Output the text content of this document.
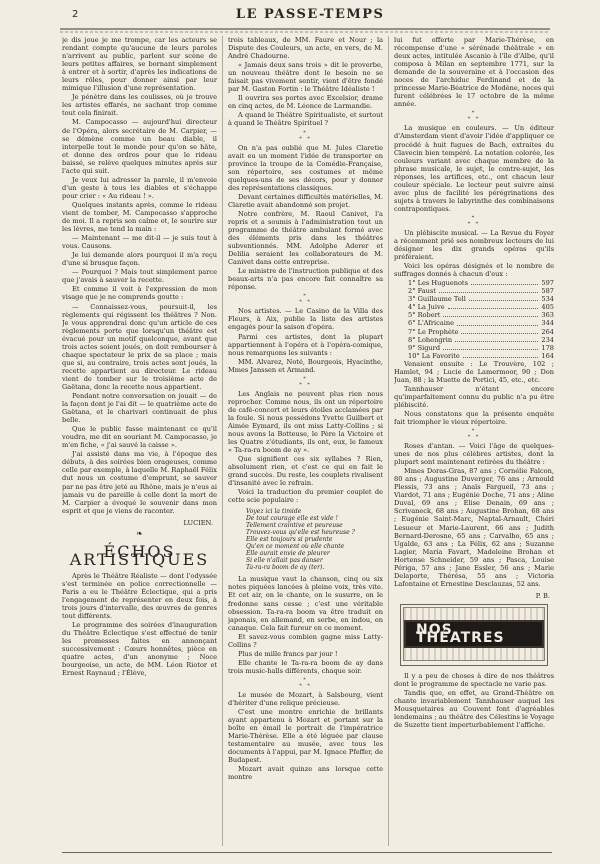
2	LE PASSE-TEMPS

je dis joue je me trompe, car les acteurs se rendant compte qu'aucune de leurs paroles n'arrivent au public, parlent sur scène de leurs petites affaires, se bornant simplement à entrer et à sortir, d'après les indications de leurs rôles, pour donner ainsi par leur mimique l'illusion d'une représentation.

Je pénètre dans les coulisses, où je trouve les artistes effarés, ne sachant trop comme tout cela finirait.

M. Campocasso — aujourd'hui directeur de l'Opéra, alors secrétaire de M. Carpier, — se démène comme un beau diable, il interpelle tout le monde pour qu'on se hâte, et donne des ordres pour que le rideau baissé, se relève quelques minutes après sur l'acte qui suit.

Je veux lui adresser la parole, il m'envoie d'un geste à tous les diables et s'échappe pour crier : « Au rideau ! ».

Quelques instants après, comme le rideau vient de tomber, M. Campocasso s'approche de moi. Il a repris son calme et, le sourire sur les lèvres, me tend la main :

— Maintenant — me dit-il — je suis tout à vous. Causons.

Je lui demande alors pourquoi il m'a reçu d'une si brusque façon.

— Pourquoi ? Mais tout simplement parce que j'avais à sauver la recette.

Et comme il voit à l'expression de mon visage que je ne comprends goutte :

— Connaissez-vous, poursuit-il, les règlements qui régissent les théâtres ? Non. Je vous apprendrai donc qu'un article de ces règlements porte que lorsqu'un théâtre est évacué pour un motif quelconque, avant que trois actes soient joués, on doit rembourser à chaque spectateur le prix de sa place ; mais que si, au contraire, trois actes sont joués, la recette appartient au directeur. Le rideau vient de tomber sur le troisième acte de Gaëtana, donc la recette nous appartient.

Pendant notre conversation on jouait — de la façon dont je l'ai dit — le quatrième acte de Gaëtana, et le charivari continuait de plus belle.

Que le public fasse maintenant ce qu'il voudra, me dit en souriant M. Campocasso, je m'en fiche, « j'ai sauvé la caisse ».

J'ai assisté dans ma vie, à l'époque des débuts, à des soirées bien orageuses, comme celle par exemple, à laquelle M. Raphaël Félix dut nous un costume d'emprunt, se sauver par ne pas être jeté au Rhône, mais je n'eus ai jamais vu de pareille à celle dont la mort de M. Carpier a évoqué le souvenir dans mon esprit et que je viens de raconter.

LUCIEN.
❧
ÉCHOS ARTISTIQUES

Après le Théâtre Réaliste — dont l'odyssée s'est terminée en police correctionnelle — Paris a eu le Théâtre Éclectique, qui a pris l'engagement de représenter en deux fois, à trois jours d'intervalle, des œuvres de genres tout différents.

Le programme des soirées d'inauguration du Théâtre Éclectique s'est effectué de tenir les promesses faites en annonçant successivement : Cœurs honnêtes, pièce en quatre actes, d'un anonyme ; Noce bourgeoise, un acte, de MM. Léon Riotor et Ernest Raynaud ; l'Élève,

trois tableaux, de MM. Faure et Nour ; la Dispute des Couleurs, un acte, en vers, de M. André Chadourne.

« Jamais deux sans trois » dit le proverbe, un nouveau théâtre dont le besoin ne se faisait pas vivement sentir, vient d'être fondé par M. Gaston Fortin : le Théâtre Idéaliste !

Il ouvrira ses portes avec Excelsior, drame en cinq actes, de M. Léonce de Larmandie.

A quand le Théâtre Spiritualiste, et surtout à quand le Théâtre Spirituel ?

*
* *

On n'a pas oublié que M. Jules Claretie avait eu un moment l'idée de transporter en province la troupe de la Comédie-Française, son répertoire, ses costumes et même quelques-uns de ses décors, pour y donner des représentations classiques.

Devant certaines difficultés matérielles, M. Claretie avait abandonné son projet.

Notre confrère, M. Raoul Canivet, l'a repris et a soumis à l'administration tout un programme de théâtre ambulant formé avec des éléments pris dans les théâtres subventionnés. MM. Adolphe Aderer et Delilia seraient les collaborateurs de M. Canivet dans cette entreprise.

Le ministre de l'instruction publique et des beaux-arts n'a pas encore fait connaître sa réponse.

*
* *

Nos artistes. — Le Casino de la Villa des Fleurs, à Aix, publie la liste des artistes engagés pour la saison d'opéra.

Parmi ces artistes, dont la plupart appartiennent à l'opéra et à l'opéra-comique, nous remarquons les suivants :

MM. Alvarez, Noté, Bourgeois, Hyacinthe, Mmes Janssen et Armand.

*
* *

Les Anglais ne peuvent plus rien nous reprocher. Comme nous, ils ont un répertoire de café-concert et leurs étoiles acclamées par la foule. Si nous possédons Yvette Guilbert et Aimée Eymard, ils ont miss Latty-Collins ; si nous avons la Botteuse, le Père la Victoire et les Quatre z'étudiants, ils ont, eux, le fameux « Ta-ra-ra boom de ay ».

Que signifient ces six syllabes ? Rien, absolument rien, et c'est ce qui en fait le grand succès. Du reste, les couplets rivalisent d'insanité avec le refrain.

Voici la traduction du premier couplet de cette scie populaire :

Voyez ici la timide
De tout courage elle est vide !
Tellement craintive et peureuse
Trouvez-vous qu'elle est heureuse ?
Elle est toujours si prudente
Qu'en ce moment où elle chante
Elle aurait envie de pleurer
Si elle n'allait pas danser
Ta-ra-ra boom de ay (ter).

La musique vaut la chanson, cinq ou six notes piquées lancées à pleine voix, très vite. Et cet air, on le chante, on le susurre, on le fredonne sans cesse ; c'est une véritable obsession. Ta-ra-ra boom va être traduit en japonais, en allemand, en serbe, en indou, en canaque. Cela fait fureur en ce moment.

Et savez-vous combien gagne miss Latty-Collins ?

Plus de mille francs par jour !

Elle chante le Ta-ra-ra boom de ay dans trois music-halls différents, chaque soir.

*
* *

Le musée de Mozart, à Salsbourg, vient d'hériter d'une relique précieuse.

C'est une montre enrichie de brillants ayant appartenu à Mozart et portant sur la boîte en émail le portrait de l'impératrice Marie-Thérèse. Elle a été léguée par clause testamentaire au musée, avec tous les documents à l'appui, par M. Ignace Pfeffer, de Budapest.

Mozart avait quinze ans lorsque cette montre

lui fut offerte par Marie-Thérèse, en récompense d'une « sérénade théâtrale » en deux actes, intitulée Ascanio à l'île d'Albe, qu'il composa à Milan en septembre 1771, sur la demande de la souveraine et à l'occasion des noces de l'archiduc Ferdinand et de la princesse Marie-Béatrice de Modène, noces qui furent célébrées le 17 octobre de la même année.

*
* *

La musique en couleurs. — Un éditeur d'Amsterdam vient d'avoir l'idée d'appliquer ce procédé à huit fugues de Bach, extraites du Clavecin bien tempéré. La notation colorée, les couleurs variant avec chaque membre de la phrase musicale, le sujet, le contre-sujet, les réponses, les artifices, etc., ont chacun leur couleur spéciale. Le lecteur peut suivre ainsi avec plus de facilité les pérégrinations des sujets à travers le labyrinthe des combinaisons contrapontiques.

*
* *

Un plébiscite musical. — La Revue du Foyer a récemment prié ses nombreux lecteurs de lui désigner les dix grands opéras qu'ils préféraient.

Voici les opéras désignés et le nombre de suffrages donnés à chacun d'eux :

1° Les Huguenots	597
2° Faust	587
3° Guillaume Tell	534
4° La Juive	405
5° Robert	363
6° L'Africaine	344
7° Le Prophète	264
8° Lohengrin	234
9° Sigurd	178
10° La Favorite	164

Venaient ensuite : Le Trouvère, 102 ; Hamlet, 94 ; Lucie de Lamermoor, 90 ; Don Juan, 88 ; la Muette de Portici, 45, etc., etc.

Tannhauser n'étant encore qu'imparfaitement connu du public n'a pu être plébiscité.

Nous constatons que la présente enquête fait triompher le vieux répertoire.

*
* *

Roses d'antan. — Voici l'âge de quelques-unes de nos plus célèbres artistes, dont la plupart sont maintenant retirées du théâtre :

Mmes Doras-Gras, 87 ans ; Cornélie Falcon, 80 ans ; Augustine Duverger, 76 ans ; Arnould Plessis, 73 ans ; Anaïs Fargueil, 73 ans ; Viardot, 71 ans ; Eugénie Doche, 71 ans ; Aline Duval, 69 ans ; Elise Denain, 69 ans ; Scrivaneck, 68 ans ; Augustine Brohan, 68 ans ; Eugénie Saint-Marc, Naptal-Arnault, Chéri Lesueur et Marie-Laurent, 66 ans ; Judith Bernard-Derosne, 65 ans ; Carvalho, 65 ans ; Ugalde, 63 ans ; La Félix, 62 ans ; Suzanne Lagier, Maria Favart, Madeleine Brohan et Hortense Schneider, 59 ans ; Pasca, Louise Périga, 57 ans ; Jane Essler, 56 ans ; Marie Delaporte, Thérésa, 55 ans ; Victoria Lafontaine et Ernestine Desclauzas, 52 ans.

P. B.
NOS THÉATRES

Il y a peu de choses à dire de nos théâtres dont le programme de spectacle ne varie pas.

Tandis que, en effet, au Grand-Théâtre on chante invariablement Tannhauser auquel les Mousquetaires au Couvent font d'agréables lendemains ; au théâtre des Célestins le Voyage de Suzette tient imperturbablement l'affiche.
